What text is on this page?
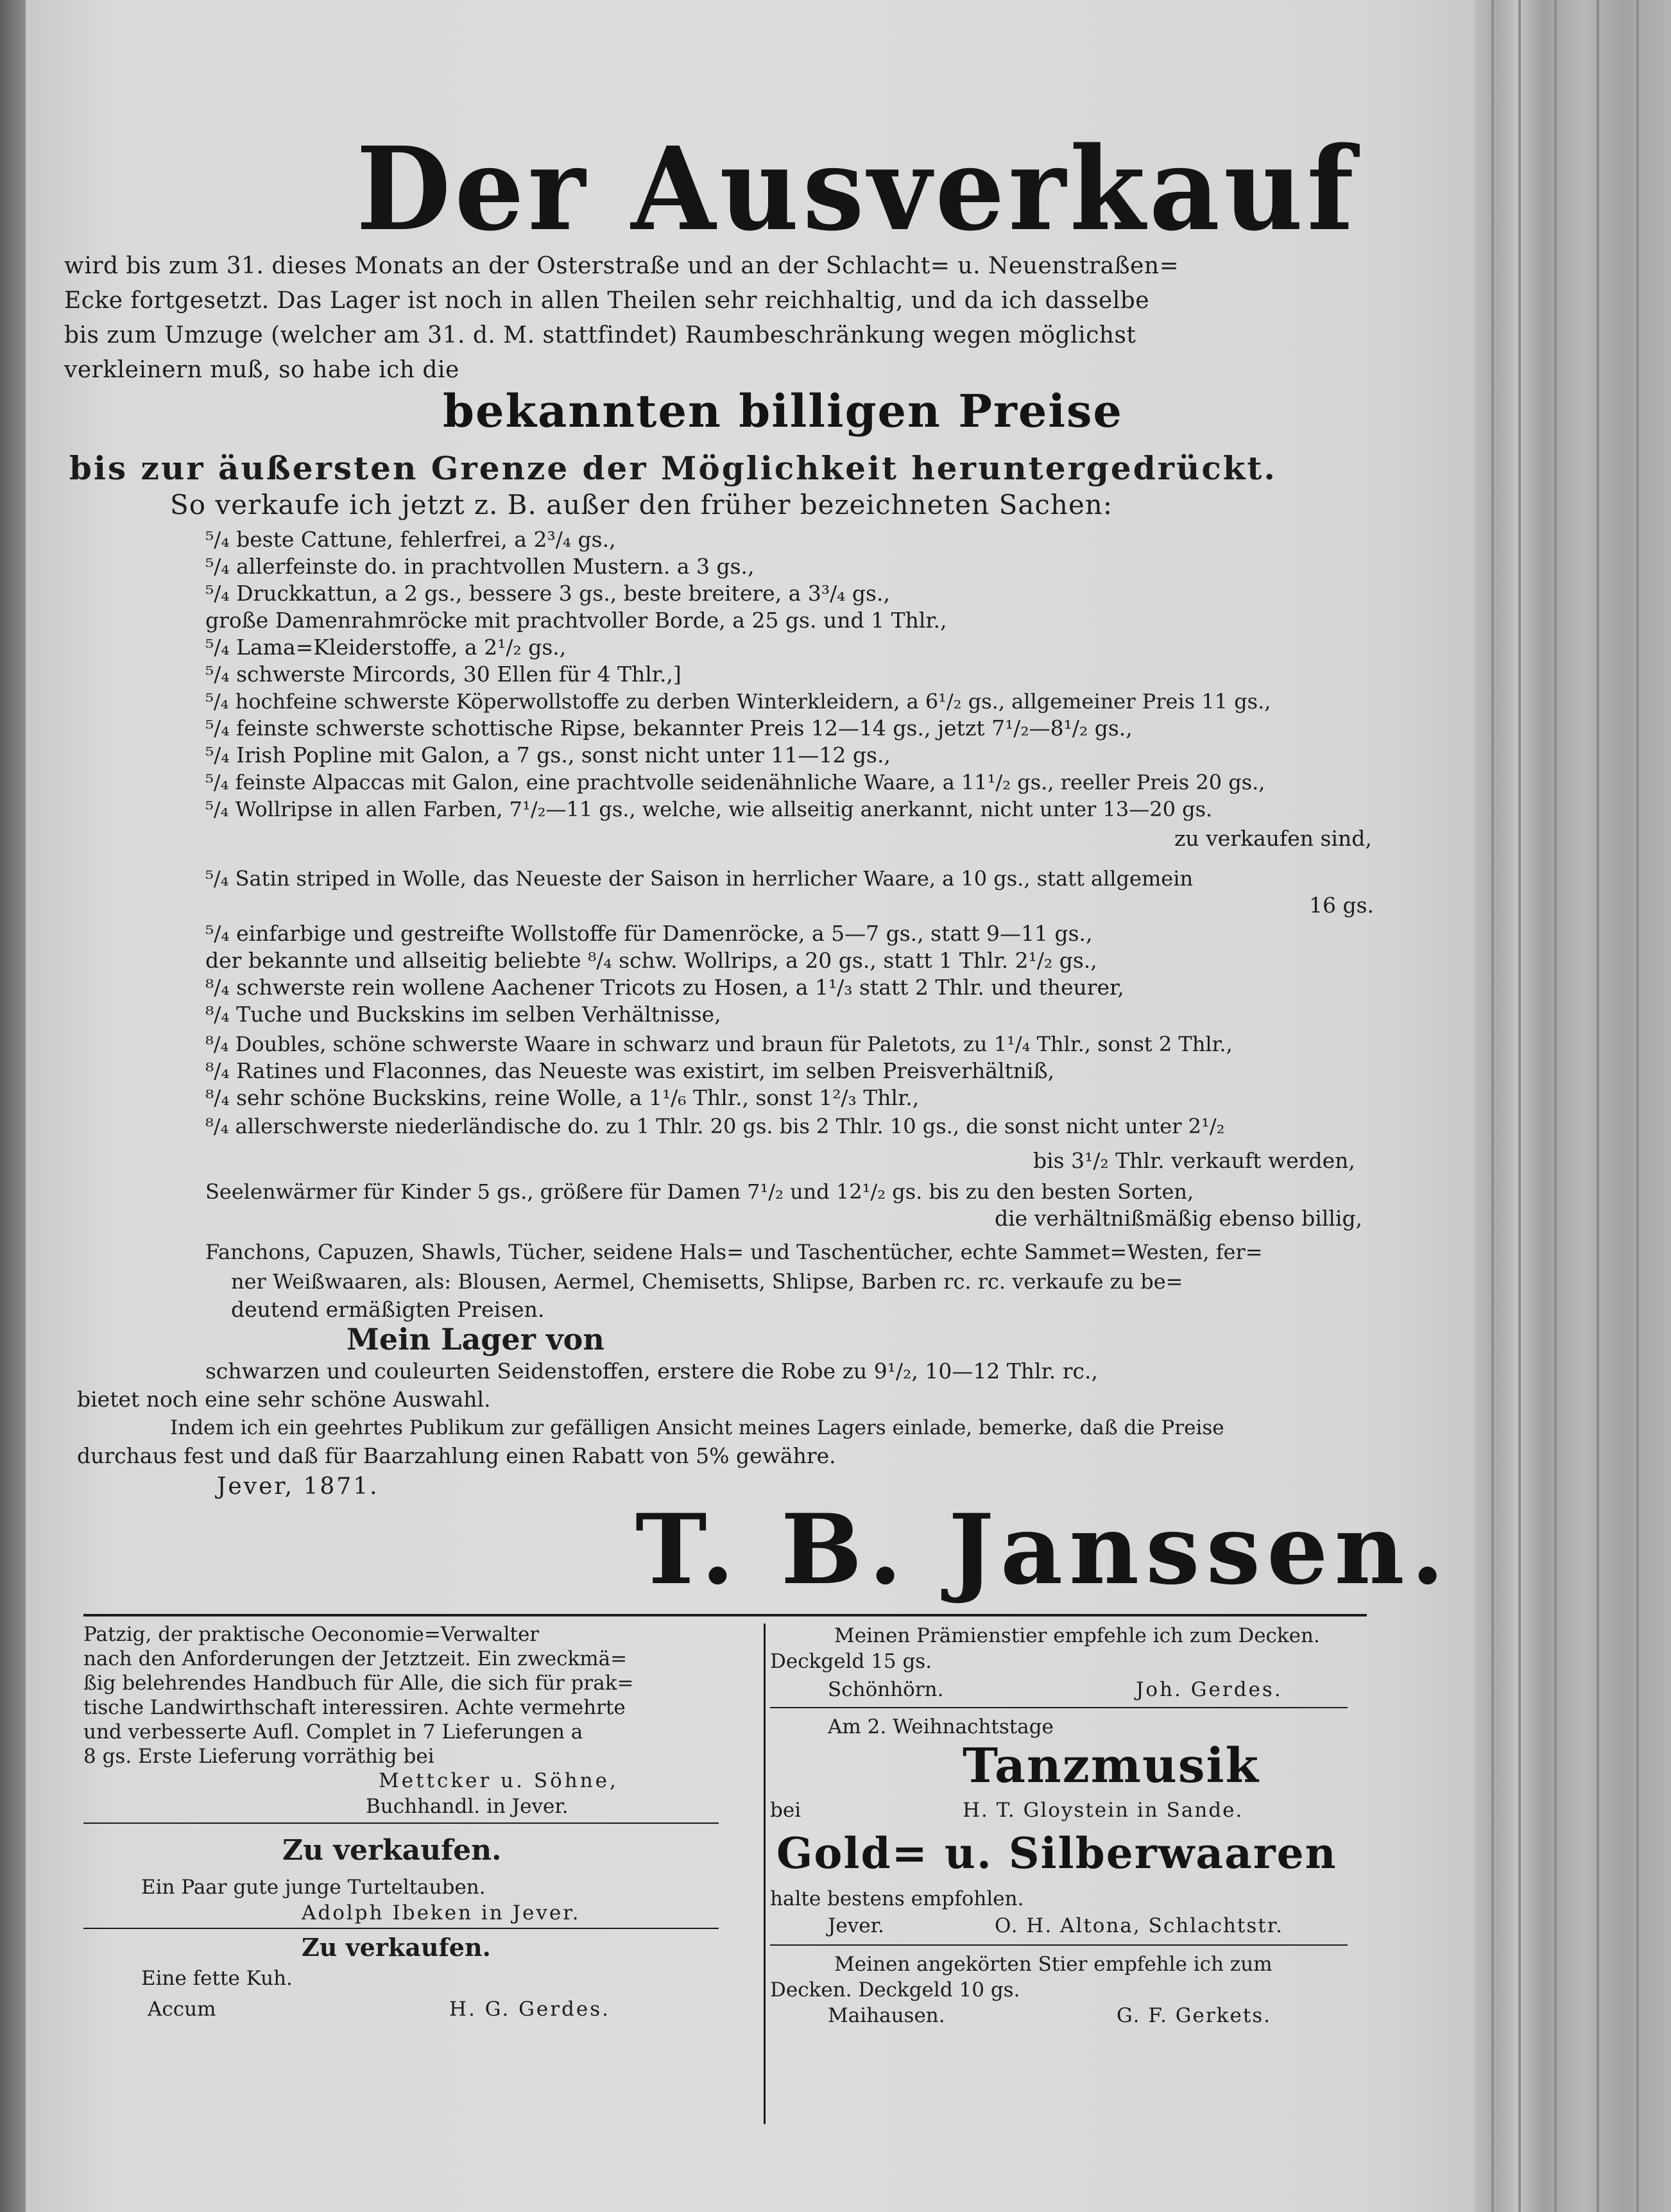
Der Ausverkauf
wird bis zum 31. dieses Monats an der Osterstraße und an der Schlacht= u. Neuenstraßen=
Ecke fortgesetzt. Das Lager ist noch in allen Theilen sehr reichhaltig, und da ich dasselbe
bis zum Umzuge (welcher am 31. d. M. stattfindet) Raumbeschränkung wegen möglichst
verkleinern muß, so habe ich die
bekannten billigen Preise
bis zur äußersten Grenze der Möglichkeit heruntergedrückt.
So verkaufe ich jetzt z. B. außer den früher bezeichneten Sachen:
⁵/₄ beste Cattune, fehlerfrei, a 2³/₄ gs.,
⁵/₄ allerfeinste do. in prachtvollen Mustern. a 3 gs.,
⁵/₄ Druckkattun, a 2 gs., bessere 3 gs., beste breitere, a 3³/₄ gs.,
große Damenrahmröcke mit prachtvoller Borde, a 25 gs. und 1 Thlr.,
⁵/₄ Lama=Kleiderstoffe, a 2¹/₂ gs.,
⁵/₄ schwerste Mircords, 30 Ellen für 4 Thlr.,]
⁵/₄ hochfeine schwerste Köperwollstoffe zu derben Winterkleidern, a 6¹/₂ gs., allgemeiner Preis 11 gs.,
⁵/₄ feinste schwerste schottische Ripse, bekannter Preis 12—14 gs., jetzt 7¹/₂—8¹/₂ gs.,
⁵/₄ Irish Popline mit Galon, a 7 gs., sonst nicht unter 11—12 gs.,
⁵/₄ feinste Alpaccas mit Galon, eine prachtvolle seidenähnliche Waare, a 11¹/₂ gs., reeller Preis 20 gs.,
⁵/₄ Wollripse in allen Farben, 7¹/₂—11 gs., welche, wie allseitig anerkannt, nicht unter 13—20 gs.
zu verkaufen sind,
⁵/₄ Satin striped in Wolle, das Neueste der Saison in herrlicher Waare, a 10 gs., statt allgemein
16 gs.
⁵/₄ einfarbige und gestreifte Wollstoffe für Damenröcke, a 5—7 gs., statt 9—11 gs.,
der bekannte und allseitig beliebte ⁸/₄ schw. Wollrips, a 20 gs., statt 1 Thlr. 2¹/₂ gs.,
⁸/₄ schwerste rein wollene Aachener Tricots zu Hosen, a 1¹/₃ statt 2 Thlr. und theurer,
⁸/₄ Tuche und Buckskins im selben Verhältnisse,
⁸/₄ Doubles, schöne schwerste Waare in schwarz und braun für Paletots, zu 1¹/₄ Thlr., sonst 2 Thlr.,
⁸/₄ Ratines und Flaconnes, das Neueste was existirt, im selben Preisverhältniß,
⁸/₄ sehr schöne Buckskins, reine Wolle, a 1¹/₆ Thlr., sonst 1²/₃ Thlr.,
⁸/₄ allerschwerste niederländische do. zu 1 Thlr. 20 gs. bis 2 Thlr. 10 gs., die sonst nicht unter 2¹/₂
bis 3¹/₂ Thlr. verkauft werden,
Seelenwärmer für Kinder 5 gs., größere für Damen 7¹/₂ und 12¹/₂ gs. bis zu den besten Sorten,
die verhältnißmäßig ebenso billig,
Fanchons, Capuzen, Shawls, Tücher, seidene Hals= und Taschentücher, echte Sammet=Westen, fer=
ner Weißwaaren, als: Blousen, Aermel, Chemisetts, Shlipse, Barben rc. rc. verkaufe zu be=
deutend ermäßigten Preisen.
Mein Lager von
schwarzen und couleurten Seidenstoffen, erstere die Robe zu 9¹/₂, 10—12 Thlr. rc.,
bietet noch eine sehr schöne Auswahl.
Indem ich ein geehrtes Publikum zur gefälligen Ansicht meines Lagers einlade, bemerke, daß die Preise
durchaus fest und daß für Baarzahlung einen Rabatt von 5% gewähre.
Jever, 1871.
T. B. Janssen.
Patzig, der praktische Oeconomie=Verwalter
nach den Anforderungen der Jetztzeit. Ein zweckmä=
ßig belehrendes Handbuch für Alle, die sich für prak=
tische Landwirthschaft interessiren. Achte vermehrte
und verbesserte Aufl. Complet in 7 Lieferungen a
8 gs. Erste Lieferung vorräthig bei
Mettcker u. Söhne,
Buchhandl. in Jever.
Zu verkaufen.
Ein Paar gute junge Turteltauben.
Adolph Ibeken in Jever.
Zu verkaufen.
Eine fette Kuh.
Accum	H. G. Gerdes.
Meinen Prämienstier empfehle ich zum Decken.
Deckgeld 15 gs.
Schönhörn.	Joh. Gerdes.
Am 2. Weihnachtstage
Tanzmusik
bei	H. T. Gloystein in Sande.
Gold= u. Silberwaaren
halte bestens empfohlen.
Jever.	O. H. Altona, Schlachtstr.
Meinen angekörten Stier empfehle ich zum
Decken. Deckgeld 10 gs.
Maihausen.	G. F. Gerkets.
